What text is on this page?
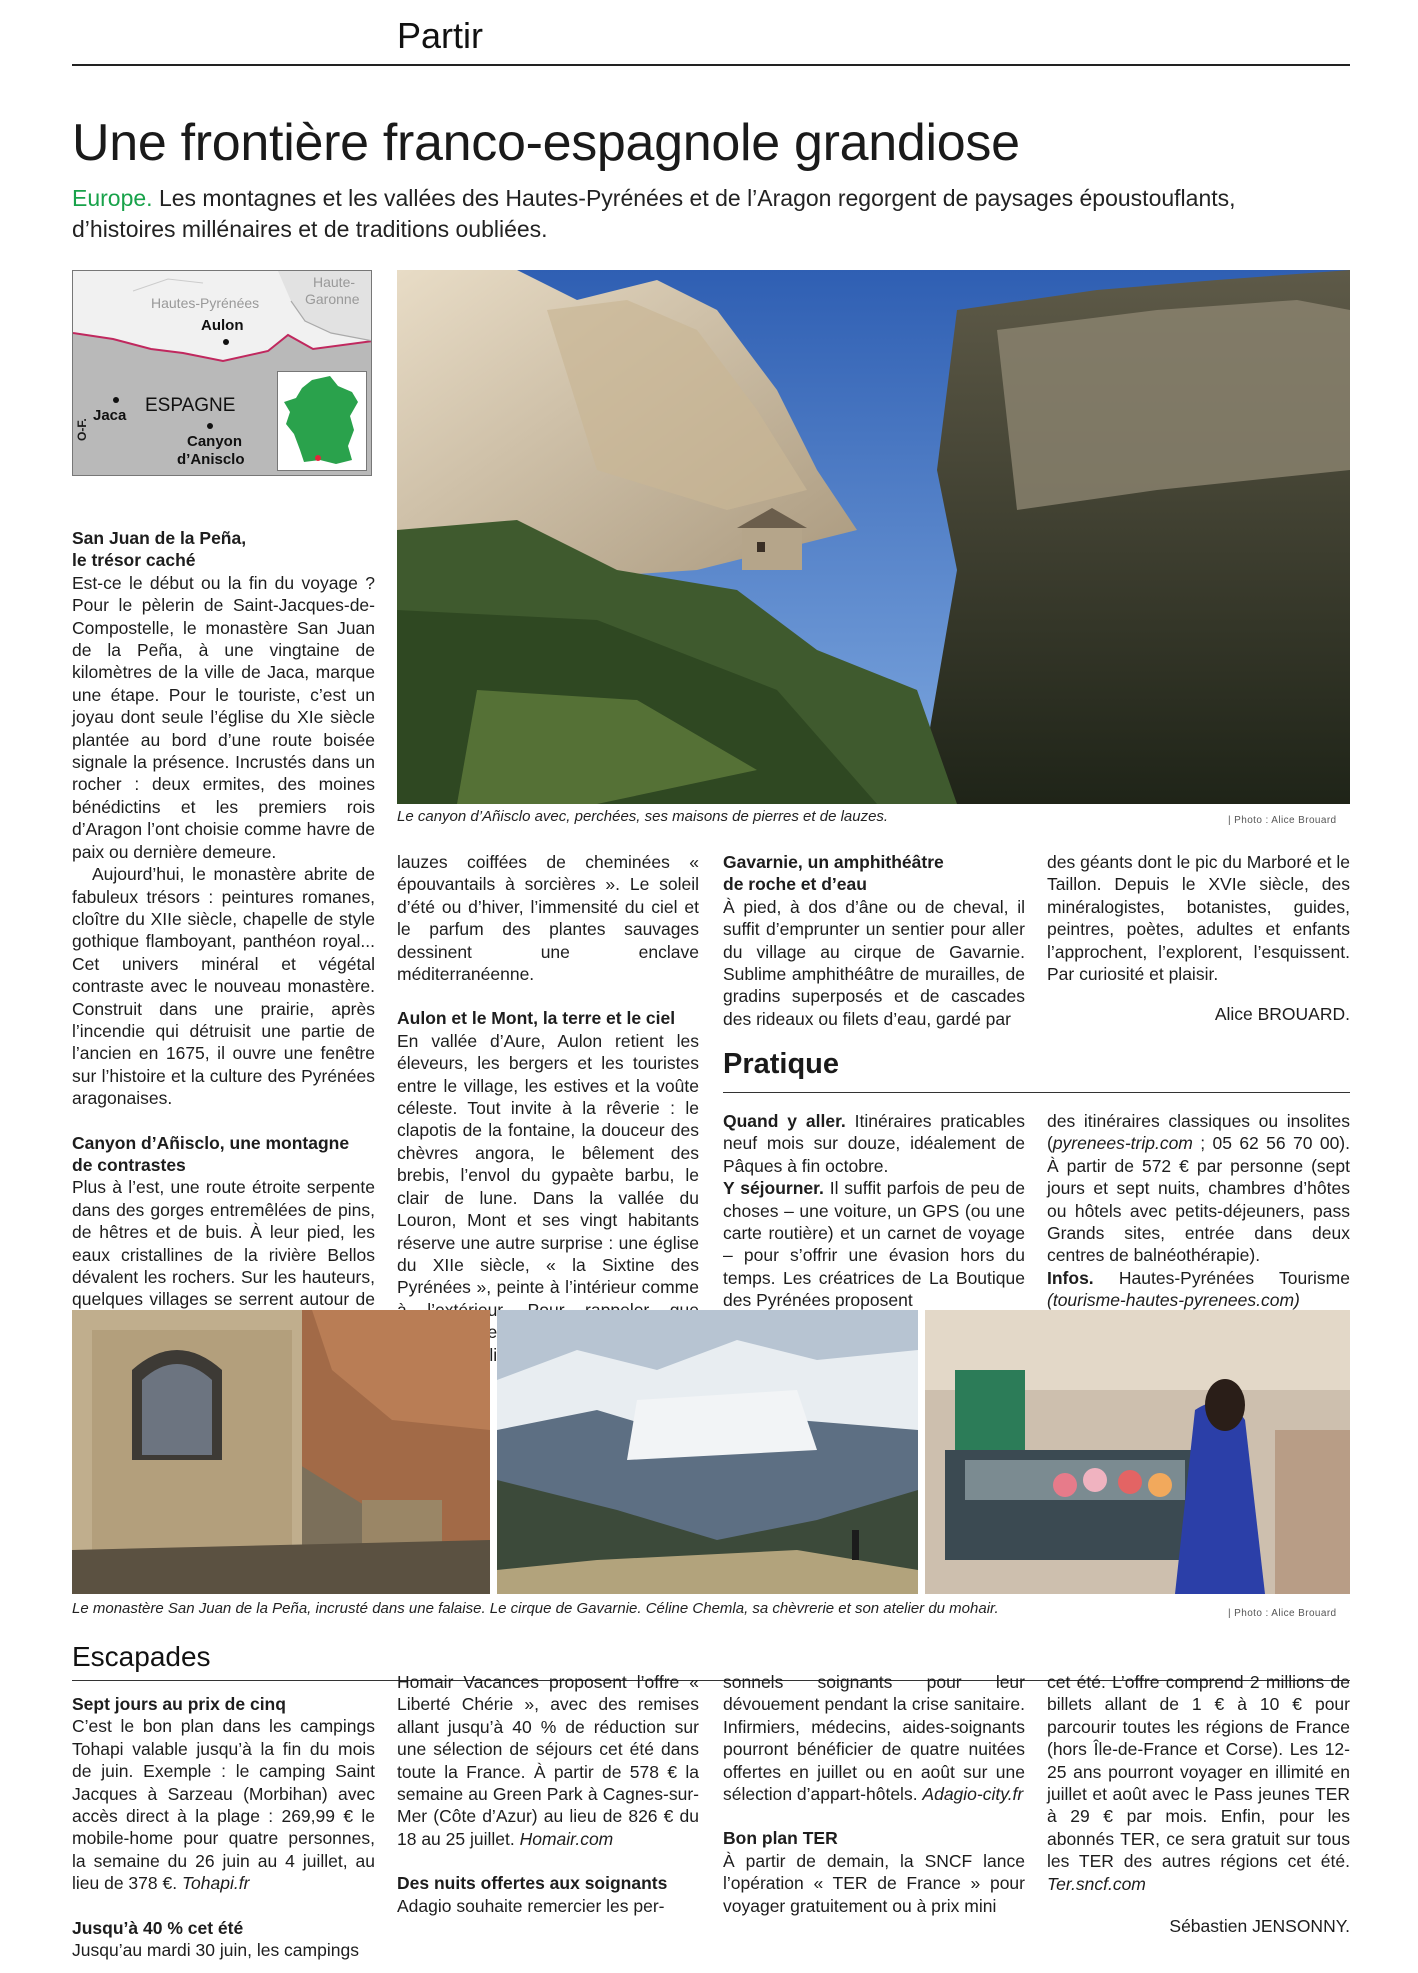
Partir
Une frontière franco-espagnole grandiose

Europe. Les montagnes et les vallées des Hautes-Pyrénées et de l’Aragon regorgent de paysages époustouflants, d’histoires millénaires et de traditions oubliées.

Hautes-Pyrénées
Haute-
Garonne
Aulon
Jaca ESPAGNE
Canyon
d’Anisclo
O-F.
Le canyon d’Añisclo avec, perchées, ses maisons de pierres et de lauzes.	| Photo : Alice Brouard
San Juan de la Peña,
le trésor caché

Est-ce le début ou la fin du voyage ? Pour le pèlerin de Saint-Jacques-de-Compostelle, le monastère San Juan de la Peña, à une vingtaine de kilomètres de la ville de Jaca, marque une étape. Pour le touriste, c’est un joyau dont seule l’église du XIe siècle plantée au bord d’une route boisée signale la présence. Incrustés dans un rocher : deux ermites, des moines bénédictins et les premiers rois d’Aragon l’ont choisie comme havre de paix ou dernière demeure.

Aujourd’hui, le monastère abrite de fabuleux trésors : peintures romanes, cloître du XIIe siècle, chapelle de style gothique flamboyant, panthéon royal... Cet univers minéral et végétal contraste avec le nouveau monastère. Construit dans une prairie, après l’incendie qui détruisit une partie de l’ancien en 1675, il ouvre une fenêtre sur l’histoire et la culture des Pyrénées aragonaises.

Canyon d’Añisclo, une montagne
de contrastes

Plus à l’est, une route étroite serpente dans des gorges entremêlées de pins, de hêtres et de buis. À leur pied, les eaux cristallines de la rivière Bellos dévalent les rochers. Sur les hauteurs, quelques villages se serrent autour de

lauzes coiffées de cheminées « épouvantails à sorcières ». Le soleil d’été ou d’hiver, l’immensité du ciel et le parfum des plantes sauvages dessinent une enclave méditerranéenne.

Aulon et le Mont, la terre et le ciel

En vallée d’Aure, Aulon retient les éleveurs, les bergers et les touristes entre le village, les estives et la voûte céleste. Tout invite à la rêverie : le clapotis de la fontaine, la douceur des chèvres angora, le bêlement des brebis, l’envol du gypaète barbu, le clair de lune. Dans la vallée du Louron, Mont et ses vingt habitants réserve une autre surprise : une église du XIIe siècle, « la Sixtine des Pyrénées », peinte à l’intérieur comme le

Gavarnie, un amphithéâtre
de roche et d’eau

À pied, à dos d’âne ou de cheval, il suffit d’emprunter un sentier pour aller du village au cirque de Gavarnie. Sublime amphithéâtre de murailles, de gradins superposés et de cascades des rideaux ou filets d’eau, gardé par

des géants dont le pic du Marboré et le Taillon. Depuis le XVIe siècle, des minéralogistes, botanistes, guides, peintres, poètes, adultes et enfants l’approchent, l’explorent, l’esquissent. Par curiosité et plaisir.

Alice BROUARD.

Pratique

Quand y aller. Itinéraires praticables neuf mois sur douze, idéalement de Pâques à fin octobre.

Y séjourner. Il suffit parfois de peu de choses – une voiture, un GPS (ou une carte routière) et un carnet de voyage – pour s’offrir une évasion hors du temps. Les créatrices de La Boutique des Pyrénées proposent

des itinéraires classiques ou insolites (pyrenees-trip.com ; 05 62 56 70 00). À partir de 572 € par personne (sept jours et sept nuits, chambres d’hôtes ou hôtels avec petits-déjeuners, pass Grands sites, entrée dans deux centres de balnéothérapie).

Infos. Hautes-Pyrénées Tourisme (tourisme-hautes-pyrenees.com)

Le monastère San Juan de la Peña, incrusté dans une falaise. Le cirque de Gavarnie. Céline Chemla, sa chèvrerie et son atelier du mohair.	| Photo : Alice Brouard
Escapades
Sept jours au prix de cinq

C’est le bon plan dans les campings Tohapi valable jusqu’à la fin du mois de juin. Exemple : le camping Saint Jacques à Sarzeau (Morbihan) avec accès direct à la plage : 269,99 € le mobile-home pour quatre personnes, la semaine du 26 juin au 4 juillet, au lieu de 378 €. Tohapi.fr

Jusqu’à 40 % cet été

Jusqu’au mardi 30 juin, les campings

Homair Vacances proposent l’offre « Liberté Chérie », avec des remises allant jusqu’à 40 % de réduction sur une sélection de séjours cet été dans toute la France. À partir de 578 € la semaine au Green Park à Cagnes-sur-Mer (Côte d’Azur) au lieu de 826 € du 18 au 25 juillet. Homair.com

Des nuits offertes aux soignants

Adagio souhaite remercier les per-

sonnels soignants pour leur dévouement pendant la crise sanitaire. Infirmiers, médecins, aides-soignants pourront bénéficier de quatre nuitées offertes en juillet ou en août sur une sélection d’appart-hôtels. Adagio-city.fr

Bon plan TER

À partir de demain, la SNCF lance l’opération « TER de France » pour voyager gratuitement ou à prix mini

cet été. L’offre comprend 2 millions de billets allant de 1 € à 10 € pour parcourir toutes les régions de France (hors Île-de-France et Corse). Les 12-25 ans pourront voyager en illimité en juillet et août avec le Pass jeunes TER à 29 € par mois. Enfin, pour les abonnés TER, ce sera gratuit sur tous les TER des autres régions cet été. Ter.sncf.com

Sébastien JENSONNY.
